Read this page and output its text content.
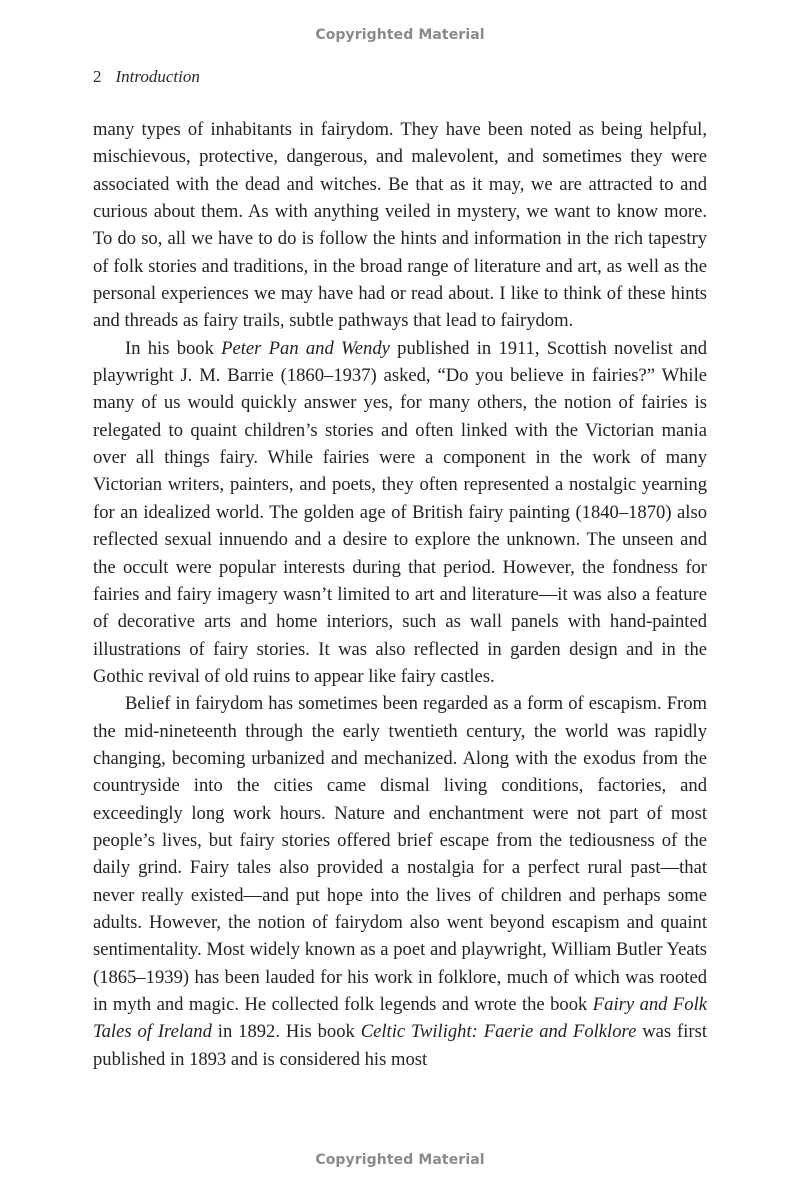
Copyrighted Material
2 Introduction

many types of inhabitants in fairydom. They have been noted as being helpful, mischievous, protective, dangerous, and malevolent, and sometimes they were associated with the dead and witches. Be that as it may, we are attracted to and curious about them. As with anything veiled in mystery, we want to know more. To do so, all we have to do is follow the hints and information in the rich tapestry of folk stories and traditions, in the broad range of literature and art, as well as the personal experiences we may have had or read about. I like to think of these hints and threads as fairy trails, subtle pathways that lead to fairydom.

In his book Peter Pan and Wendy published in 1911, Scottish novelist and playwright J. M. Barrie (1860–1937) asked, “Do you believe in fairies?” While many of us would quickly answer yes, for many others, the notion of fairies is relegated to quaint children’s stories and often linked with the Victorian mania over all things fairy. While fairies were a component in the work of many Victorian writers, painters, and poets, they often represented a nostalgic yearning for an idealized world. The golden age of British fairy painting (1840–1870) also reflected sexual innuendo and a desire to explore the unknown. The unseen and the occult were popular interests during that period. However, the fondness for fairies and fairy imagery wasn’t limited to art and literature—it was also a feature of decorative arts and home interiors, such as wall panels with hand-painted illustrations of fairy stories. It was also reflected in garden design and in the Gothic revival of old ruins to appear like fairy castles.

Belief in fairydom has sometimes been regarded as a form of escapism. From the mid-nineteenth through the early twentieth century, the world was rapidly changing, becoming urbanized and mechanized. Along with the exodus from the countryside into the cities came dismal living conditions, factories, and exceedingly long work hours. Nature and enchantment were not part of most people’s lives, but fairy stories offered brief escape from the tediousness of the daily grind. Fairy tales also provided a nostalgia for a perfect rural past—that never really existed—and put hope into the lives of children and perhaps some adults. However, the notion of fairydom also went beyond escapism and quaint sentimentality. Most widely known as a poet and playwright, William Butler Yeats (1865–1939) has been lauded for his work in folklore, much of which was rooted in myth and magic. He collected folk legends and wrote the book Fairy and Folk Tales of Ireland in 1892. His book Celtic Twilight: Faerie and Folklore was first published in 1893 and is considered his most

Copyrighted Material
